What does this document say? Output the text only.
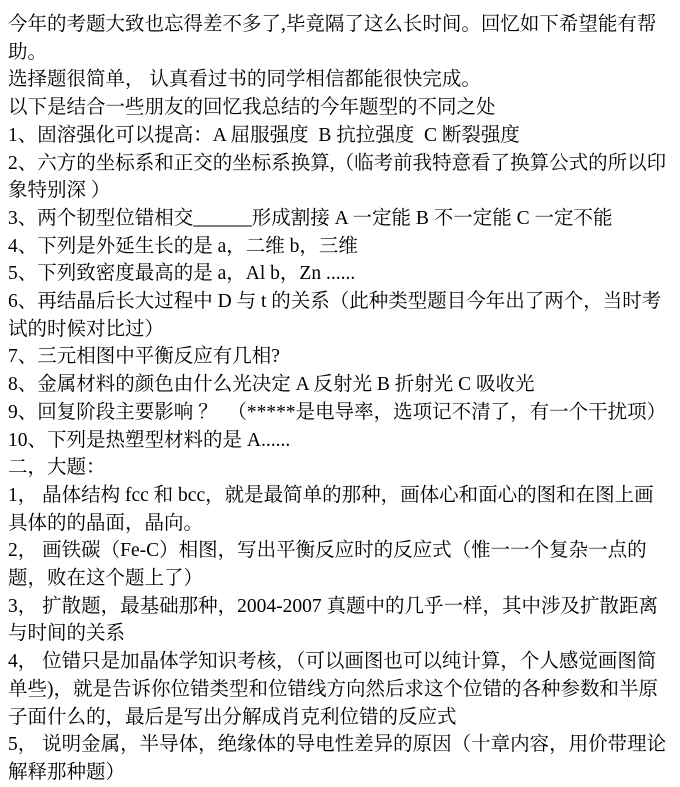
今年的考题大致也忘得差不多了,毕竟隔了这么长时间。回忆如下希望能有帮助。

选择题很简单， 认真看过书的同学相信都能很快完成。

以下是结合一些朋友的回忆我总结的今年题型的不同之处

1、固溶强化可以提高：A 屈服强度  B 抗拉强度  C 断裂强度

2、六方的坐标系和正交的坐标系换算,（临考前我特意看了换算公式的所以印象特别深 ）

3、两个韧型位错相交______形成割接 A 一定能 B 不一定能 C 一定不能

4、下列是外延生长的是 a，二维 b，三维

5、下列致密度最高的是 a，Al b，Zn ......

6、再结晶后长大过程中 D 与 t 的关系（此种类型题目今年出了两个，当时考试的时候对比过）

7、三元相图中平衡反应有几相?

8、金属材料的颜色由什么光决定 A 反射光 B 折射光 C 吸收光

9、回复阶段主要影响 ？  （*****是电导率，选项记不清了，有一个干扰项）

10、下列是热塑型材料的是 A......

二，大题：

1， 晶体结构 fcc 和 bcc，就是最简单的那种，画体心和面心的图和在图上画具体的的晶面，晶向。

2， 画铁碳（Fe-C）相图，写出平衡反应时的反应式（惟一一个复杂一点的题，败在这个题上了）

3， 扩散题，最基础那种，2004-2007 真题中的几乎一样，其中涉及扩散距离与时间的关系

4， 位错只是加晶体学知识考核，（可以画图也可以纯计算，个人感觉画图简单些)，就是告诉你位错类型和位错线方向然后求这个位错的各种参数和半原子面什么的，最后是写出分解成肖克利位错的反应式

5， 说明金属，半导体，绝缘体的导电性差异的原因（十章内容，用价带理论解释那种题）
